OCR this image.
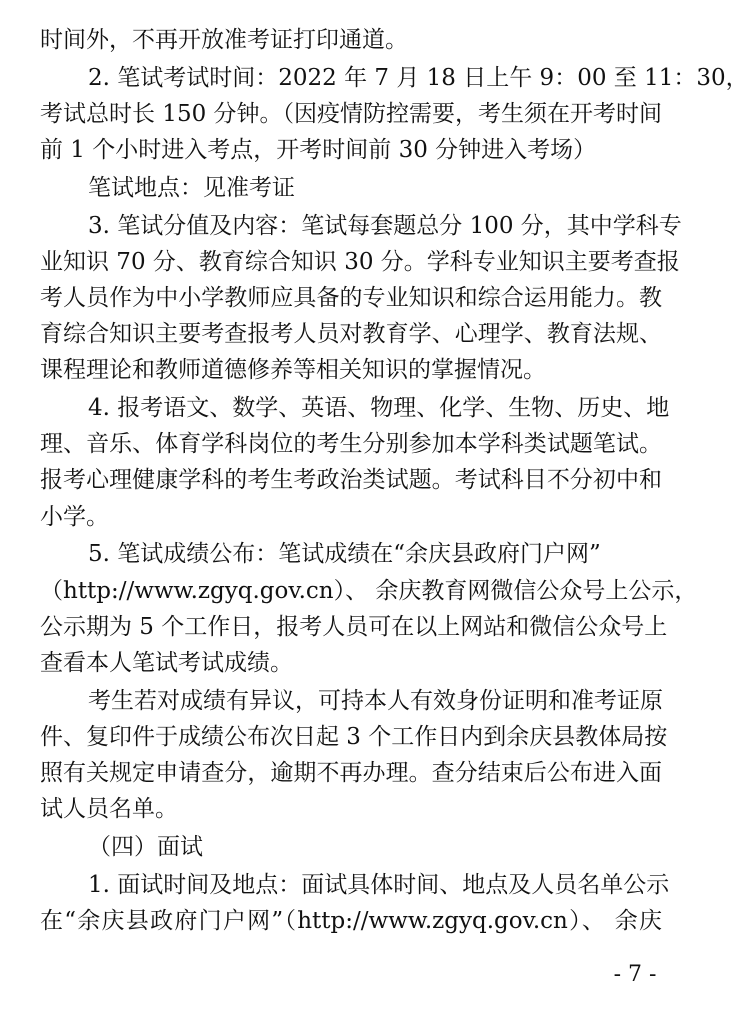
时间外，不再开放准考证打印通道。
2. 笔试考试时间：2022 年 7 月 18 日上午 9：00 至 11：30，
考试总时长 150 分钟。（因疫情防控需要，考生须在开考时间
前 1 个小时进入考点，开考时间前 30 分钟进入考场）
笔试地点：见准考证
3. 笔试分值及内容：笔试每套题总分 100 分，其中学科专
业知识 70 分、教育综合知识 30 分。学科专业知识主要考查报
考人员作为中小学教师应具备的专业知识和综合运用能力。教
育综合知识主要考查报考人员对教育学、心理学、教育法规、
课程理论和教师道德修养等相关知识的掌握情况。
4. 报考语文、数学、英语、物理、化学、生物、历史、地
理、音乐、体育学科岗位的考生分别参加本学科类试题笔试。
报考心理健康学科的考生考政治类试题。考试科目不分初中和
小学。
5. 笔试成绩公布：笔试成绩在“余庆县政府门户网”
（http://www.zgyq.gov.cn）、 余庆教育网微信公众号上公示，
公示期为 5 个工作日，报考人员可在以上网站和微信公众号上
查看本人笔试考试成绩。
考生若对成绩有异议，可持本人有效身份证明和准考证原
件、复印件于成绩公布次日起 3 个工作日内到余庆县教体局按
照有关规定申请查分，逾期不再办理。查分结束后公布进入面
试人员名单。
（四）面试
1. 面试时间及地点：面试具体时间、地点及人员名单公示
在“余庆县政府门户网”（http://www.zgyq.gov.cn）、 余庆
- 7 -
